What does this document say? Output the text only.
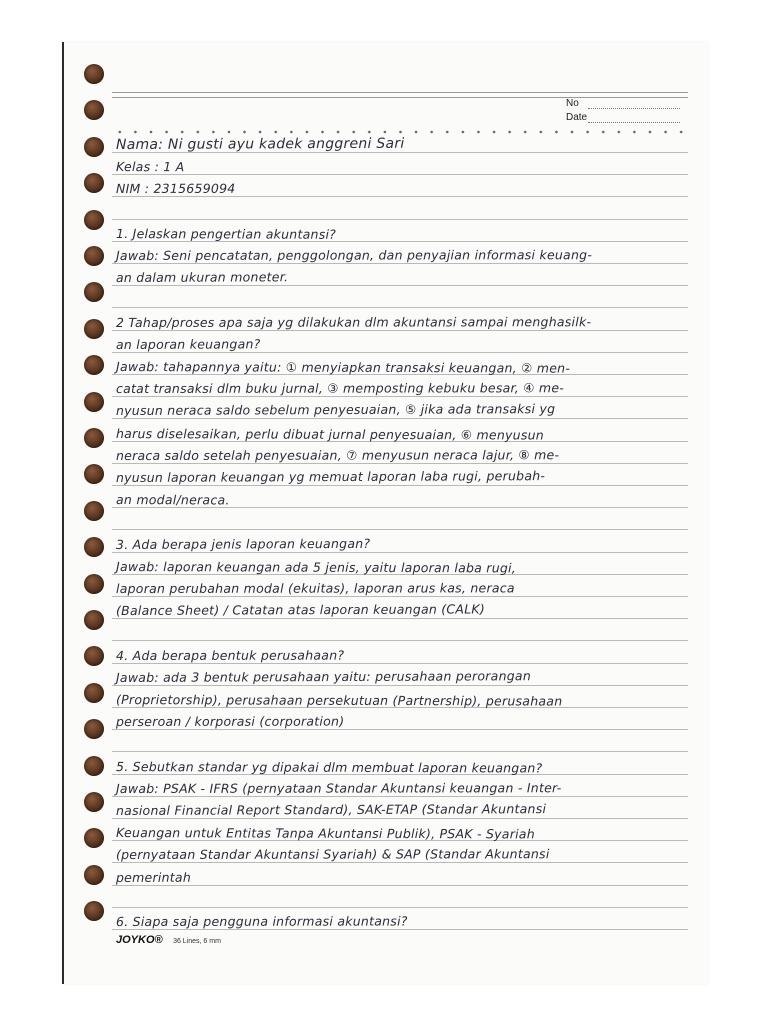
No
Date
Nama: Ni gusti ayu kadek anggreni Sari
Kelas : 1 A
NIM : 2315659094
1. Jelaskan pengertian akuntansi?
Jawab: Seni pencatatan, penggolongan, dan penyajian informasi keuang-
an dalam ukuran moneter.
2 Tahap/proses apa saja yg dilakukan dlm akuntansi sampai menghasilk-
an laporan keuangan?
Jawab: tahapannya yaitu: ① menyiapkan transaksi keuangan, ② men-
catat transaksi dlm buku jurnal, ③ memposting kebuku besar, ④ me-
nyusun neraca saldo sebelum penyesuaian, ⑤ jika ada transaksi yg
harus diselesaikan, perlu dibuat jurnal penyesuaian, ⑥ menyusun
neraca saldo setelah penyesuaian, ⑦ menyusun neraca lajur, ⑧ me-
nyusun laporan keuangan yg memuat laporan laba rugi, perubah-
an modal/neraca.
3. Ada berapa jenis laporan keuangan?
Jawab: laporan keuangan ada 5 jenis, yaitu laporan laba rugi,
laporan perubahan modal (ekuitas), laporan arus kas, neraca
(Balance Sheet) / Catatan atas laporan keuangan (CALK)
4. Ada berapa bentuk perusahaan?
Jawab: ada 3 bentuk perusahaan yaitu: perusahaan perorangan
(Proprietorship), perusahaan persekutuan (Partnership), perusahaan
perseroan / korporasi (corporation)
5. Sebutkan standar yg dipakai dlm membuat laporan keuangan?
Jawab: PSAK - IFRS (pernyataan Standar Akuntansi keuangan - Inter-
nasional Financial Report Standard), SAK-ETAP (Standar Akuntansi
Keuangan untuk Entitas Tanpa Akuntansi Publik), PSAK - Syariah
(pernyataan Standar Akuntansi Syariah) & SAP (Standar Akuntansi
pemerintah
6. Siapa saja pengguna informasi akuntansi?
JOYKO® 36 Lines, 6 mm
